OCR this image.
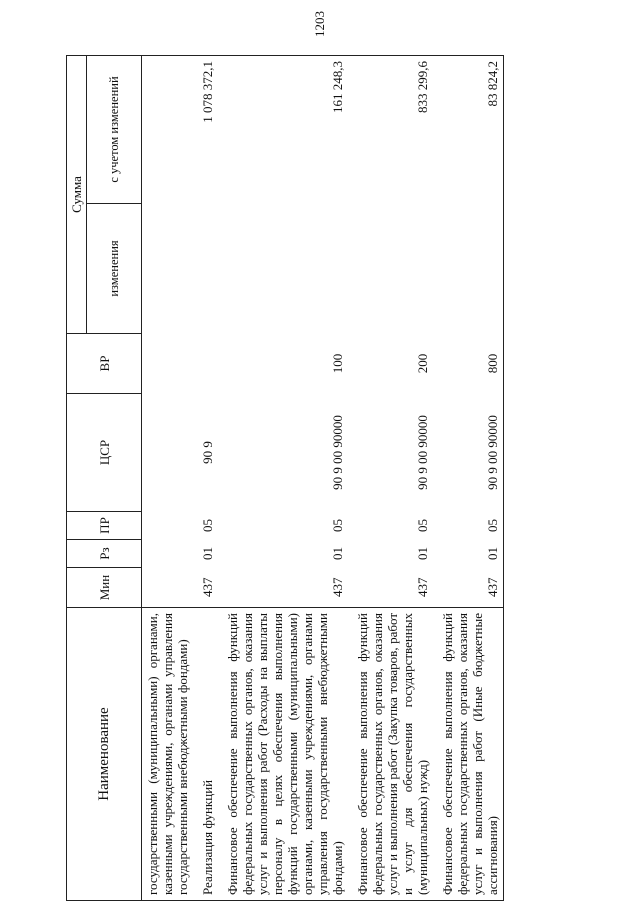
1203
Наименование	Мин	Рз	ПР	ЦСР	ВР	Сумма	
						изменения	с учетом изменений
государственными (муниципальными) органами, казенными учреждениями, органами управления государственными внебюджетными фондами)							
Реализация функций	437	01	05	90 9			1 078 372,1
Финансовое обеспечение выполнения функций федеральных государственных органов, оказания услуг и выполнения работ (Расходы на выплаты персоналу в целях обеспечения выполнения функций государственными (муниципальными) органами, казенными учреждениями, органами управления государственными внебюджетными фондами)	437	01	05	90 9 00 90000	100		161 248,3
Финансовое обеспечение выполнения функций федеральных государственных органов, оказания услуг и выполнения работ (Закупка товаров, работ и услуг для обеспечения государственных (муниципальных) нужд)	437	01	05	90 9 00 90000	200		833 299,6
Финансовое обеспечение выполнения функций федеральных государственных органов, оказания услуг и выполнения работ (Иные бюджетные ассигнования)	437	01	05	90 9 00 90000	800		83 824,2
